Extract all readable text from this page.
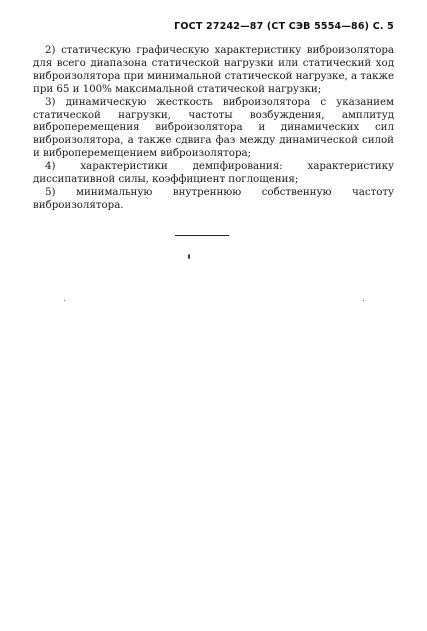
ГОСТ 27242—87 (СТ СЭВ 5554—86) С. 5

2) статическую графическую характеристику виброизолятора для всего диапазона статической нагрузки или статический ход виброизолятора при минимальной статической нагрузке, а также при 65 и 100% максимальной статической нагрузки;

3) динамическую жесткость виброизолятора с указанием статической нагрузки, частоты возбуждения, амплитуд виброперемещения виброизолятора и динамических сил виброизолятора, а также сдвига фаз между динамической силой и виброперемещением виброизолятора;

4) характеристики демпфирования: характеристику диссипативной силы, коэффициент поглощения;

5) минимальную внутреннюю собственную частоту виброизолятора.
